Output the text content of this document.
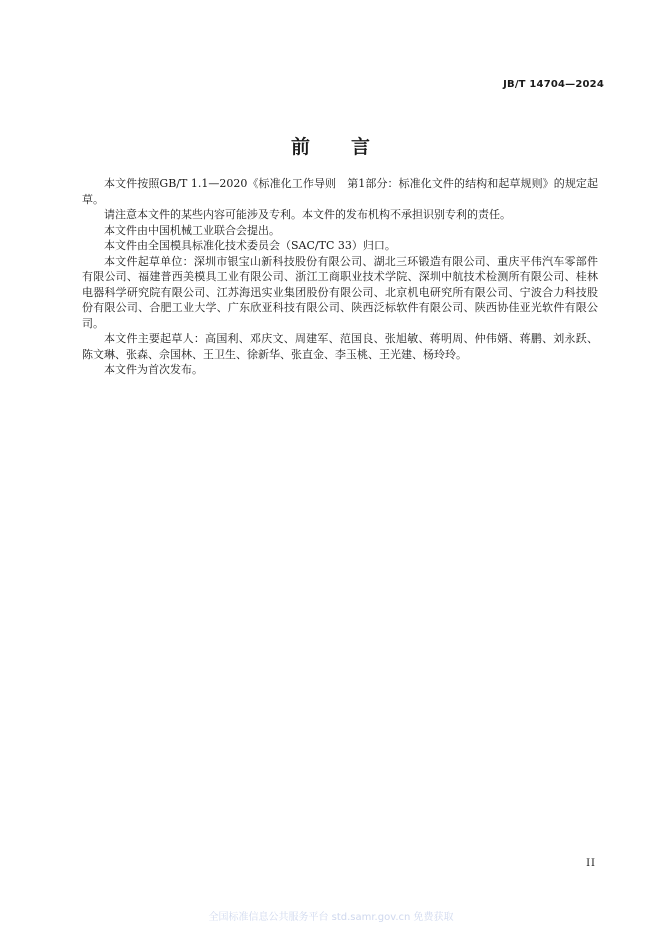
JB/T 14704—2024
前　　言

本文件按照GB/T 1.1—2020《标准化工作导则　第1部分：标准化文件的结构和起草规则》的规定起草。

请注意本文件的某些内容可能涉及专利。本文件的发布机构不承担识别专利的责任。

本文件由中国机械工业联合会提出。

本文件由全国模具标准化技术委员会（SAC/TC 33）归口。

本文件起草单位：深圳市银宝山新科技股份有限公司、湖北三环锻造有限公司、重庆平伟汽车零部件有限公司、福建普西美模具工业有限公司、浙江工商职业技术学院、深圳中航技术检测所有限公司、桂林电器科学研究院有限公司、江苏海迅实业集团股份有限公司、北京机电研究所有限公司、宁波合力科技股份有限公司、合肥工业大学、广东欣亚科技有限公司、陕西泛标软件有限公司、陕西协佳亚光软件有限公司。

本文件主要起草人：高国利、邓庆文、周建军、范国良、张旭敏、蒋明周、仲伟婿、蒋鹏、刘永跃、陈文琳、张森、佘国林、王卫生、徐新华、张直金、李玉桃、王光建、杨玲玲。

本文件为首次发布。

II
全国标准信息公共服务平台 std.samr.gov.cn 免费获取
